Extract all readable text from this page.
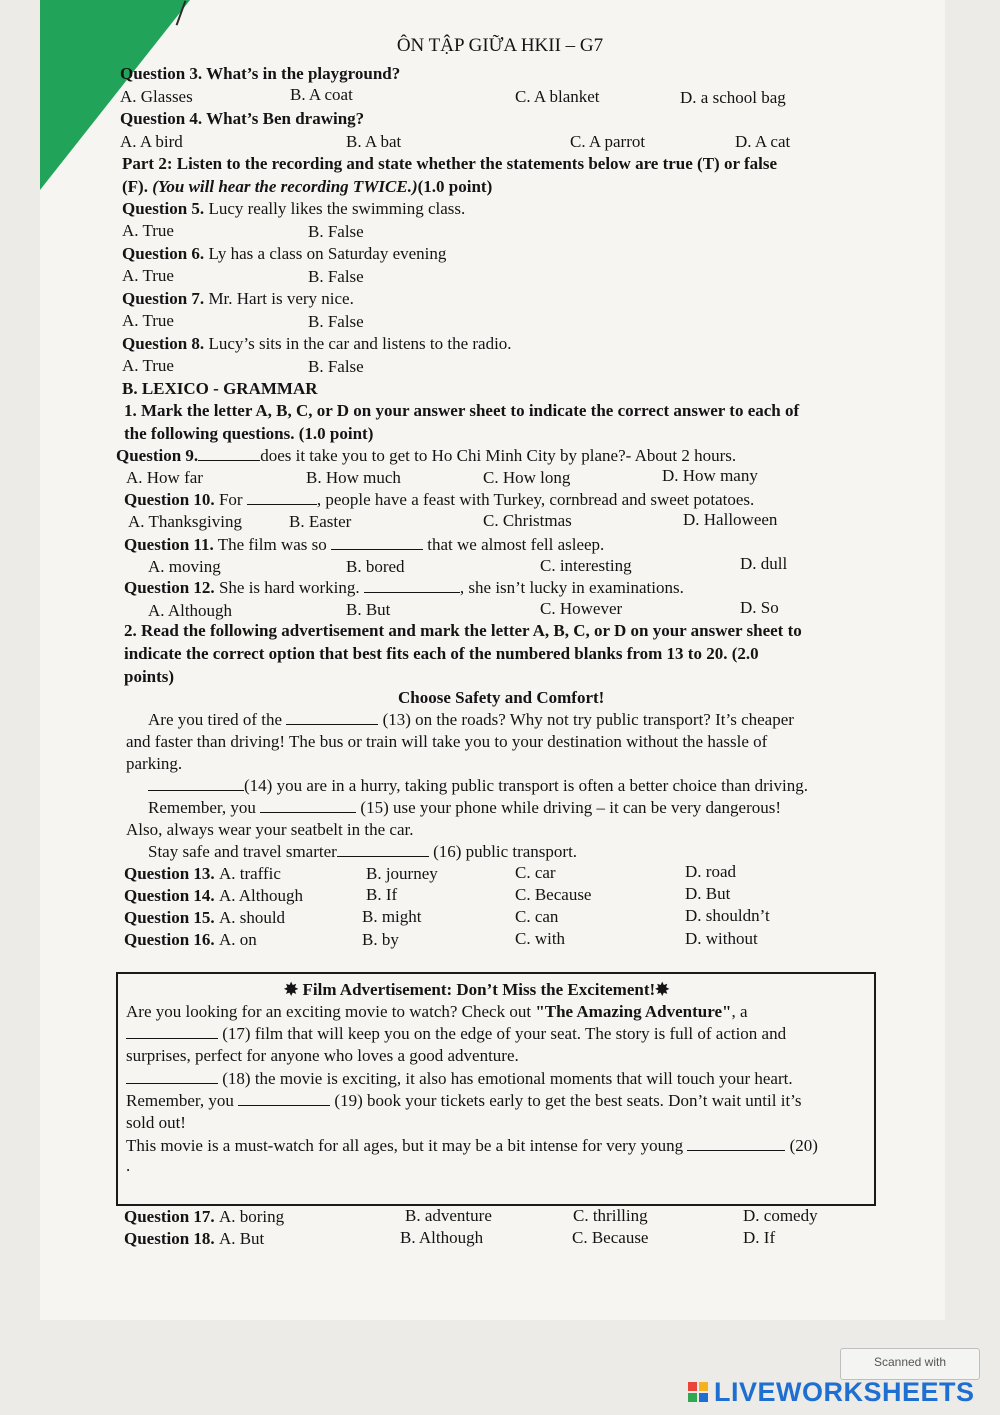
ÔN TẬP GIỮA HKII – G7
Question 3. What’s in the playground?
A. Glasses	B. A coat	C. A blanket	D. a school bag
Question 4. What’s Ben drawing?
A. A bird	B. A bat	C. A parrot	D. A cat
Part 2: Listen to the recording and state whether the statements below are true (T) or false
(F). (You will hear the recording TWICE.)(1.0 point)
Question 5. Lucy really likes the swimming class.
A. True	B. False
Question 6. Ly has a class on Saturday evening
A. True	B. False
Question 7. Mr. Hart is very nice.
A. True	B. False
Question 8. Lucy’s sits in the car and listens to the radio.
A. True	B. False
B. LEXICO - GRAMMAR
1. Mark the letter A, B, C, or D on your answer sheet to indicate the correct answer to each of
the following questions. (1.0 point)
Question 9.	does it take you to get to Ho Chi Minh City by plane?- About 2 hours.
A. How far	B. How much	C. How long	D. How many
Question 10. For	, people have a feast with Turkey, cornbread and sweet potatoes.
A. Thanksgiving	B. Easter	C. Christmas	D. Halloween
Question 11. The film was so	that we almost fell asleep.
A. moving	B. bored	C. interesting	D. dull
Question 12. She is hard working.	, she isn’t lucky in examinations.
A. Although	B. But	C. However	D. So
2. Read the following advertisement and mark the letter A, B, C, or D on your answer sheet to
indicate the correct option that best fits each of the numbered blanks from 13 to 20. (2.0
points)
Choose Safety and Comfort!
Are you tired of the	(13) on the roads? Why not try public transport? It’s cheaper
and faster than driving! The bus or train will take you to your destination without the hassle of
parking.
(14) you are in a hurry, taking public transport is often a better choice than driving.
Remember, you	(15) use your phone while driving – it can be very dangerous!
Also, always wear your seatbelt in the car.
Stay safe and travel smarter	(16) public transport.
Question 13. A. traffic	B. journey	C. car	D. road
Question 14. A. Although	B. If	C. Because	D. But
Question 15. A. should	B. might	C. can	D. shouldn’t
Question 16. A. on	B. by	C. with	D. without
✸ Film Advertisement: Don’t Miss the Excitement!✸
Are you looking for an exciting movie to watch? Check out "The Amazing Adventure", a
(17) film that will keep you on the edge of your seat. The story is full of action and
surprises, perfect for anyone who loves a good adventure.
(18) the movie is exciting, it also has emotional moments that will touch your heart.
Remember, you	(19) book your tickets early to get the best seats. Don’t wait until it’s
sold out!
This movie is a must-watch for all ages, but it may be a bit intense for very young	(20)
.
Question 17. A. boring	B. adventure	C. thrilling	D. comedy
Question 18. A. But	B. Although	C. Because	D. If
Scanned with
LIVEWORKSHEETS
